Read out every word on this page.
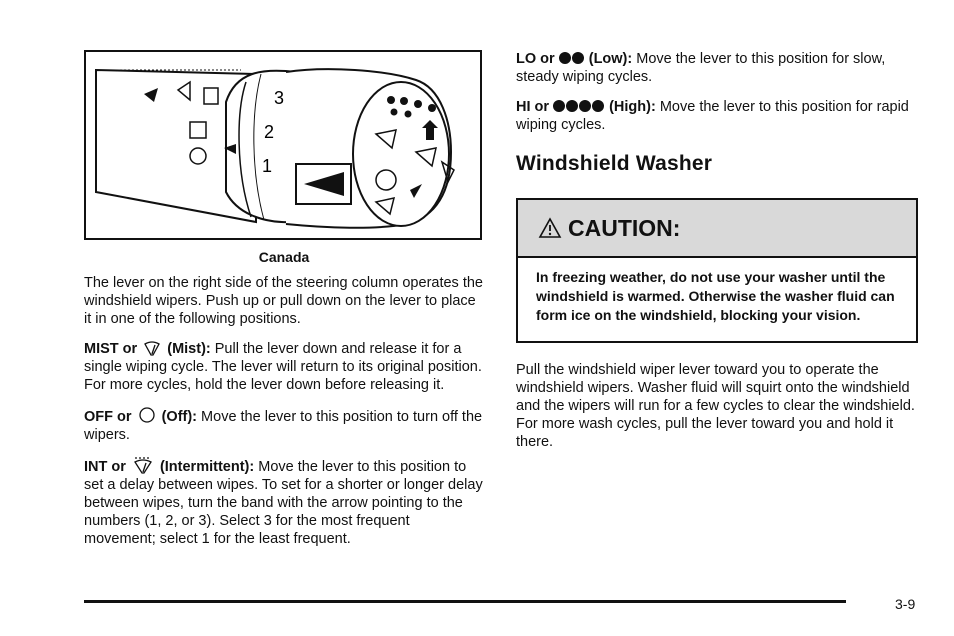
3
2
1
Canada

The lever on the right side of the steering column operates the windshield wipers. Push up or pull down on the lever to place it in one of the following positions.

MIST or (Mist): Pull the lever down and release it for a single wiping cycle. The lever will return to its original position. For more cycles, hold the lever down before releasing it.

OFF or (Off): Move the lever to this position to turn off the wipers.

INT or (Intermittent): Move the lever to this position to set a delay between wipes. To set for a shorter or longer delay between wipes, turn the band with the arrow pointing to the numbers (1, 2, or 3). Select 3 for the most frequent movement; select 1 for the least frequent.

LO or (Low): Move the lever to this position for slow, steady wiping cycles.

HI or	(High): Move the lever to this position for rapid wiping cycles.

Windshield Washer
CAUTION:
In freezing weather, do not use your washer until the windshield is warmed. Otherwise the washer fluid can form ice on the windshield, blocking your vision.

Pull the windshield wiper lever toward you to operate the windshield wipers. Washer fluid will squirt onto the windshield and the wipers will run for a few cycles to clear the windshield. For more wash cycles, pull the lever toward you and hold it there.

3-9
